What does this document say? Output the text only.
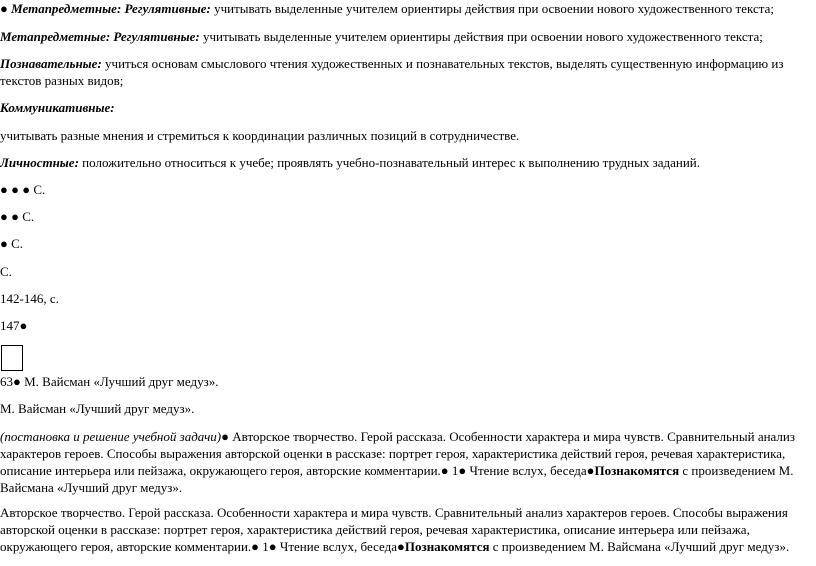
● Метапредметные: Регулятивные: учитывать выделенные учителем ориентиры действия при освоении нового художественного текста;

Метапредметные: Регулятивные: учитывать выделенные учителем ориентиры действия при освоении нового художественного текста;

Познавательные: учиться основам смыслового чтения художественных и познавательных текстов, выделять существенную информацию из текстов разных видов;

Коммуникативные:

учитывать разные мнения и стремиться к координации различных позиций в сотрудничестве.

Личностные: положительно относиться к учебе; проявлять учебно-познавательный интерес к выполнению трудных заданий.

● ● ● С.

● ● С.

● С.

С.

142-146, с.

147●

63● М. Вайсман «Лучший друг медуз».

М. Вайсман «Лучший друг медуз».

(постановка и решение учебной задачи)● Авторское творчество. Герой рассказа. Особенности характера и мира чувств. Сравнительный анализ характеров героев. Способы выражения авторской оценки в рассказе: портрет героя, характеристика действий героя, речевая характеристика, описание интерьера или пейзажа, окружающего героя, авторские комментарии.● 1● Чтение вслух, беседа●Познакомятся с произведением М. Вайсмана «Лучший друг медуз».

Авторское творчество. Герой рассказа. Особенности характера и мира чувств. Сравнительный анализ характеров героев. Способы выражения авторской оценки в рассказе: портрет героя, характеристика действий героя, речевая характеристика, описание интерьера или пейзажа, окружающего героя, авторские комментарии.● 1● Чтение вслух, беседа●Познакомятся с произведением М. Вайсмана «Лучший друг медуз».
